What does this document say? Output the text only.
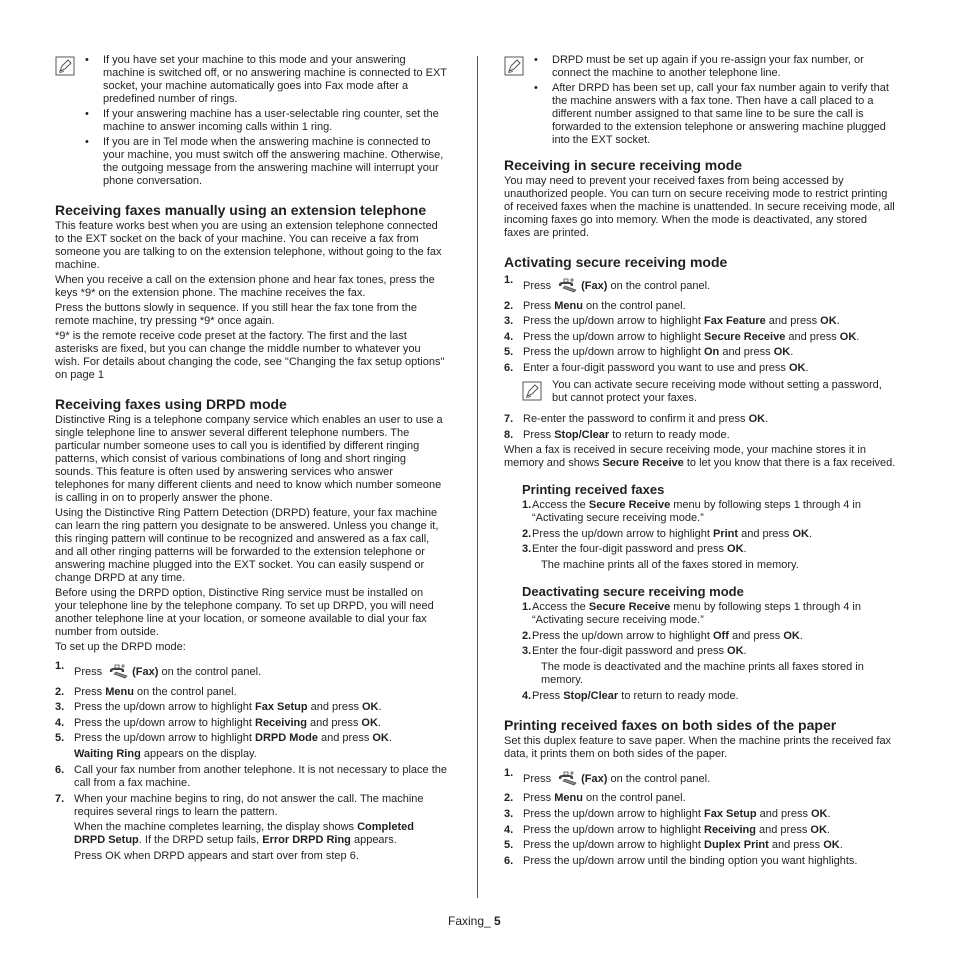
• If you have set your machine to this mode and your answering machine is switched off, or no answering machine is connected to EXT socket, your machine automatically goes into Fax mode after a predefined number of rings.
• If your answering machine has a user-selectable ring counter, set the machine to answer incoming calls within 1 ring.
• If you are in Tel mode when the answering machine is connected to your machine, you must switch off the answering machine. Otherwise, the outgoing message from the answering machine will interrupt your phone conversation.
Receiving faxes manually using an extension telephone

This feature works best when you are using an extension telephone connected to the EXT socket on the back of your machine. You can receive a fax from someone you are talking to on the extension telephone, without going to the fax machine.

When you receive a call on the extension phone and hear fax tones, press the keys *9* on the extension phone. The machine receives the fax.

Press the buttons slowly in sequence. If you still hear the fax tone from the remote machine, try pressing *9* once again.

*9* is the remote receive code preset at the factory. The first and the last asterisks are fixed, but you can change the middle number to whatever you wish. For details about changing the code, see "Changing the fax setup options" on page 1

Receiving faxes using DRPD mode

Distinctive Ring is a telephone company service which enables an user to use a single telephone line to answer several different telephone numbers. The particular number someone uses to call you is identified by different ringing patterns, which consist of various combinations of long and short ringing sounds. This feature is often used by answering services who answer telephones for many different clients and need to know which number someone is calling in on to properly answer the phone.

Using the Distinctive Ring Pattern Detection (DRPD) feature, your fax machine can learn the ring pattern you designate to be answered. Unless you change it, this ringing pattern will continue to be recognized and answered as a fax call, and all other ringing patterns will be forwarded to the extension telephone or answering machine plugged into the EXT socket. You can easily suspend or change DRPD at any time.

Before using the DRPD option, Distinctive Ring service must be installed on your telephone line by the telephone company. To set up DRPD, you will need another telephone line at your location, or someone available to dial your fax number from outside.

To set up the DRPD mode:

1. Press	(Fax) on the control panel.
2. Press Menu on the control panel.
3. Press the up/down arrow to highlight Fax Setup and press OK.
4. Press the up/down arrow to highlight Receiving and press OK.
5. Press the up/down arrow to highlight DRPD Mode and press OK.
Waiting Ring appears on the display.
6. Call your fax number from another telephone. It is not necessary to place the call from a fax machine.
7. When your machine begins to ring, do not answer the call. The machine requires several rings to learn the pattern.
When the machine completes learning, the display shows Completed DRPD Setup. If the DRPD setup fails, Error DRPD Ring appears.
Press OK when DRPD appears and start over from step 6.
• DRPD must be set up again if you re-assign your fax number, or connect the machine to another telephone line.
• After DRPD has been set up, call your fax number again to verify that the machine answers with a fax tone. Then have a call placed to a different number assigned to that same line to be sure the call is forwarded to the extension telephone or answering machine plugged into the EXT socket.
Receiving in secure receiving mode

You may need to prevent your received faxes from being accessed by unauthorized people. You can turn on secure receiving mode to restrict printing of received faxes when the machine is unattended. In secure receiving mode, all incoming faxes go into memory. When the mode is deactivated, any stored faxes are printed.

Activating secure receiving mode
1. Press	(Fax) on the control panel.
2. Press Menu on the control panel.
3. Press the up/down arrow to highlight Fax Feature and press OK.
4. Press the up/down arrow to highlight Secure Receive and press OK.
5. Press the up/down arrow to highlight On and press OK.
6. Enter a four-digit password you want to use and press OK.
You can activate secure receiving mode without setting a password, but cannot protect your faxes.
7. Re-enter the password to confirm it and press OK.
8. Press Stop/Clear to return to ready mode.

When a fax is received in secure receiving mode, your machine stores it in memory and shows Secure Receive to let you know that there is a fax received.

Printing received faxes
1. Access the Secure Receive menu by following steps 1 through 4 in “Activating secure receiving mode.”
2. Press the up/down arrow to highlight Print and press OK.
3. Enter the four-digit password and press OK.
The machine prints all of the faxes stored in memory.
Deactivating secure receiving mode
1. Access the Secure Receive menu by following steps 1 through 4 in “Activating secure receiving mode.”
2. Press the up/down arrow to highlight Off and press OK.
3. Enter the four-digit password and press OK.
The mode is deactivated and the machine prints all faxes stored in memory.
4. Press Stop/Clear to return to ready mode.
Printing received faxes on both sides of the paper

Set this duplex feature to save paper. When the machine prints the received fax data, it prints them on both sides of the paper.

1. Press	(Fax) on the control panel.
2. Press Menu on the control panel.
3. Press the up/down arrow to highlight Fax Setup and press OK.
4. Press the up/down arrow to highlight Receiving and press OK.
5. Press the up/down arrow to highlight Duplex Print and press OK.
6. Press the up/down arrow until the binding option you want highlights.
Faxing_ 5
